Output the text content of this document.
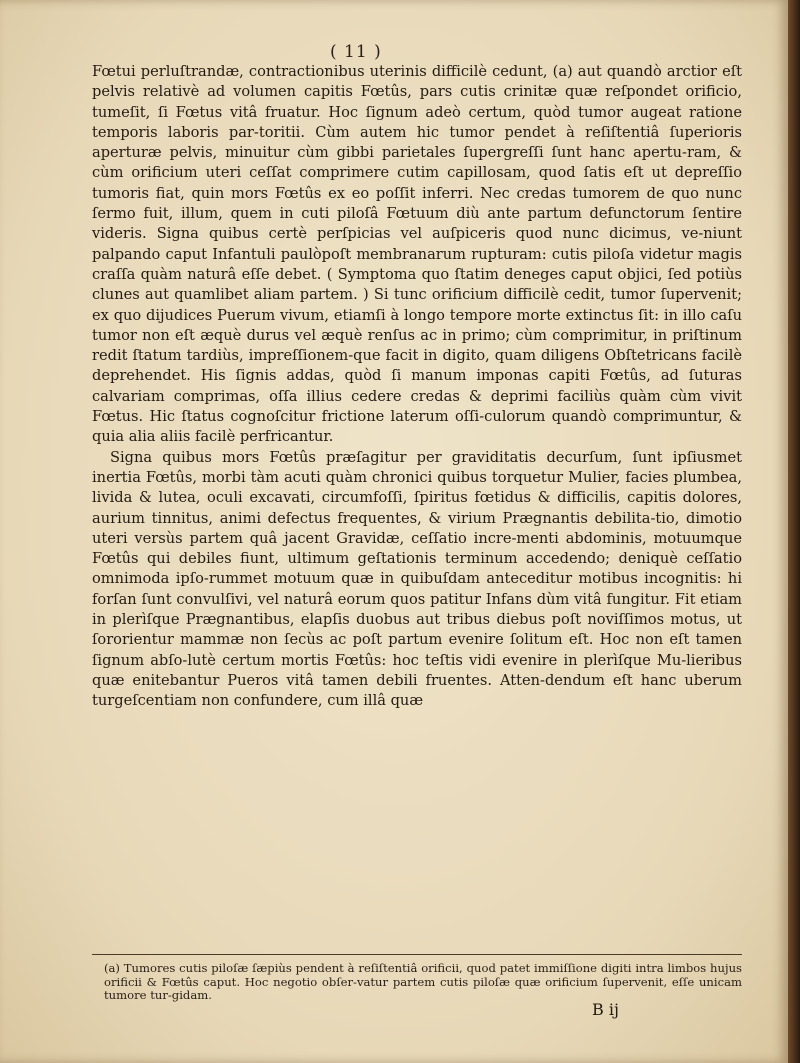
( 11 )

Fœtui perluſtrandæ, contractionibus uterinis difficilè cedunt, (a) aut quandò arctior eſt pelvis relativè ad volumen capitis Fœtûs, pars cutis crinitæ quæ reſpondet orificio, tumeſit, ſi Fœtus vitâ fruatur. Hoc ſignum adeò certum, quòd tumor augeat ratione temporis laboris par-toritii. Cùm autem hic tumor pendet à reſiſtentiâ ſuperioris aperturæ pelvis, minuitur cùm gibbi parietales ſupergreſſi ſunt hanc apertu-ram, & cùm orificium uteri ceſſat comprimere cutim capillosam, quod ſatis eſt ut depreſſio tumoris fiat, quin mors Fœtûs ex eo poſſit inferri. Nec credas tumorem de quo nunc ſermo fuit, illum, quem in cuti piloſâ Fœtuum diù ante partum defunctorum ſentire videris. Signa quibus certè perſpicias vel auſpiceris quod nunc dicimus, ve-niunt palpando caput Infantuli paulòpoſt membranarum rupturam: cutis piloſa videtur magis craſſa quàm naturâ eſſe debet. ( Symptoma quo ſtatim deneges caput objici, ſed potiùs clunes aut quamlibet aliam partem. ) Si tunc orificium difficilè cedit, tumor ſupervenit; ex quo dijudices Puerum vivum, etiamſi à longo tempore morte extinctus ſit: in illo caſu tumor non eſt æquè durus vel æquè renſus ac in primo; cùm comprimitur, in priſtinum redit ſtatum tardiùs, impreſſionem-que facit in digito, quam diligens Obſtetricans facilè deprehendet. His ſignis addas, quòd ſi manum imponas capiti Fœtûs, ad ſuturas calvariam comprimas, oſſa illius cedere credas & deprimi faciliùs quàm cùm vivit Fœtus. Hic ſtatus cognoſcitur frictione laterum oſſi-culorum quandò comprimuntur, & quia alia aliis facilè perfricantur.

Signa quibus mors Fœtûs præſagitur per graviditatis decurſum, ſunt ipſiusmet inertia Fœtûs, morbi tàm acuti quàm chronici quibus torquetur Mulier, facies plumbea, livida & lutea, oculi excavati, circumfoſſi, ſpiritus fœtidus & difficilis, capitis dolores, aurium tinnitus, animi defectus frequentes, & virium Prægnantis debilita-tio, dimotio uteri versùs partem quâ jacent Gravidæ, ceſſatio incre-menti abdominis, motuumque Fœtûs qui debiles fiunt, ultimum geſtationis terminum accedendo; deniquè ceſſatio omnimoda ipſo-rummet motuum quæ in quibuſdam anteceditur motibus incognitis: hi forſan ſunt convulſivi, vel naturâ eorum quos patitur Infans dùm vitâ fungitur. Fit etiam in plerìſque Prægnantibus, elapſis duobus aut tribus diebus poſt noviſſimos motus, ut ſororientur mammæ non ſecùs ac poſt partum evenire ſolitum eſt. Hoc non eſt tamen ſignum abſo-lutè certum mortis Fœtûs: hoc teſtis vidi evenire in plerìſque Mu-lieribus quæ enitebantur Pueros vitâ tamen debili fruentes. Atten-dendum eſt hanc uberum turgeſcentiam non confundere, cum illâ quæ

(a) Tumores cutis piloſæ ſæpiùs pendent à reſiſtentiâ orificii, quod patet immiſſione digiti intra limbos hujus orificii & Fœtûs caput. Hoc negotio obſer-vatur partem cutis piloſæ quæ orificium ſupervenit, eſſe unicam tumore tur-gidam.
B ij
